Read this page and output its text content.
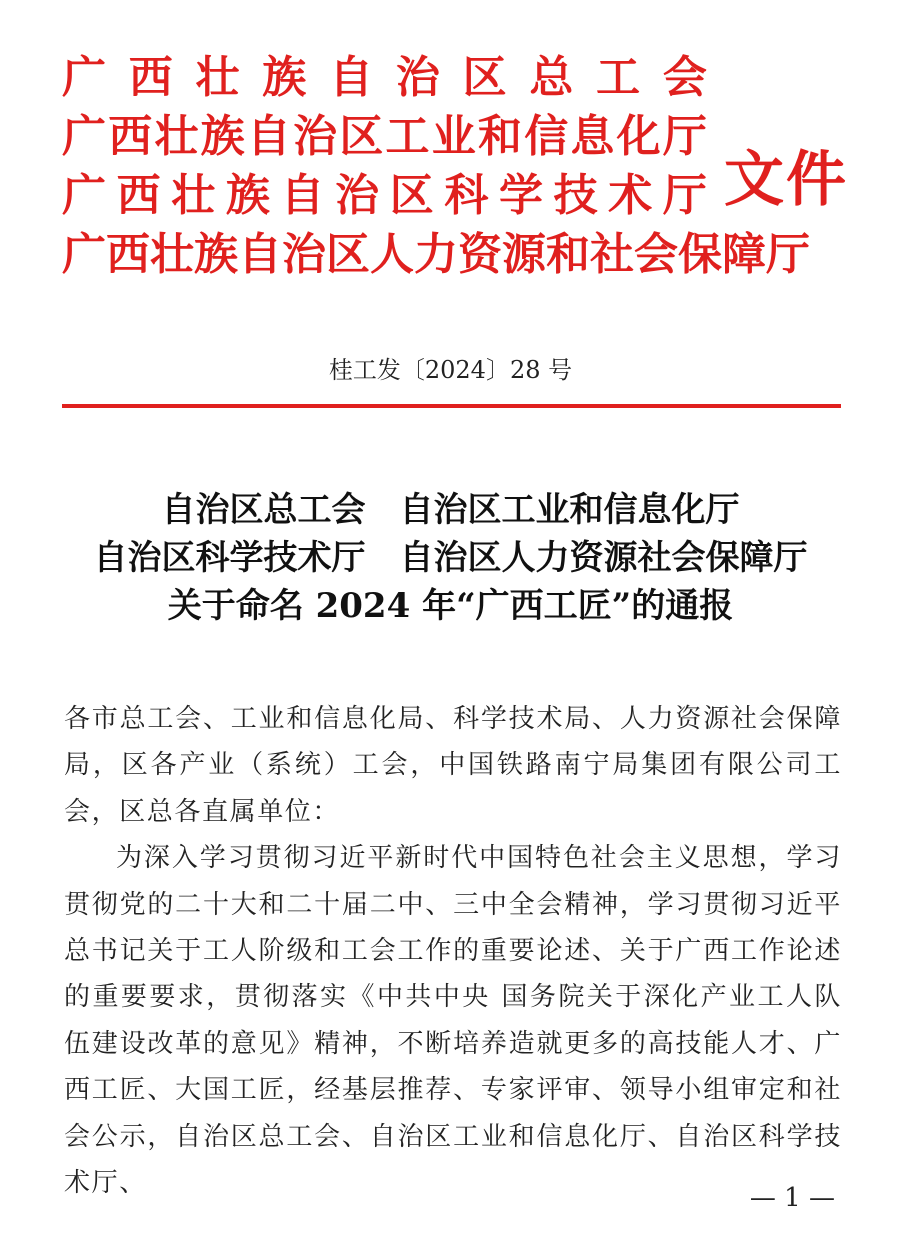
广 西 壮 族 自 治 区 总 工 会
广 西 壮 族 自 治 区 工 业 和 信 息 化 厅
广 西 壮 族 自 治 区 科 学 技 术 厅
广 西 壮 族 自 治 区 人 力 资 源 和 社 会 保 障 厅
文件
桂工发〔2024〕28 号
自治区总工会　自治区工业和信息化厅
自治区科学技术厅　自治区人力资源社会保障厅
关于命名 2024 年“广西工匠”的通报

各市总工会、工业和信息化局、科学技术局、人力资源社会保障局，区各产业（系统）工会，中国铁路南宁局集团有限公司工会，区总各直属单位：

为深入学习贯彻习近平新时代中国特色社会主义思想，学习贯彻党的二十大和二十届二中、三中全会精神，学习贯彻习近平总书记关于工人阶级和工会工作的重要论述、关于广西工作论述的重要要求，贯彻落实《中共中央 国务院关于深化产业工人队伍建设改革的意见》精神，不断培养造就更多的高技能人才、广西工匠、大国工匠，经基层推荐、专家评审、领导小组审定和社会公示，自治区总工会、自治区工业和信息化厅、自治区科学技术厅、	— 1 —
